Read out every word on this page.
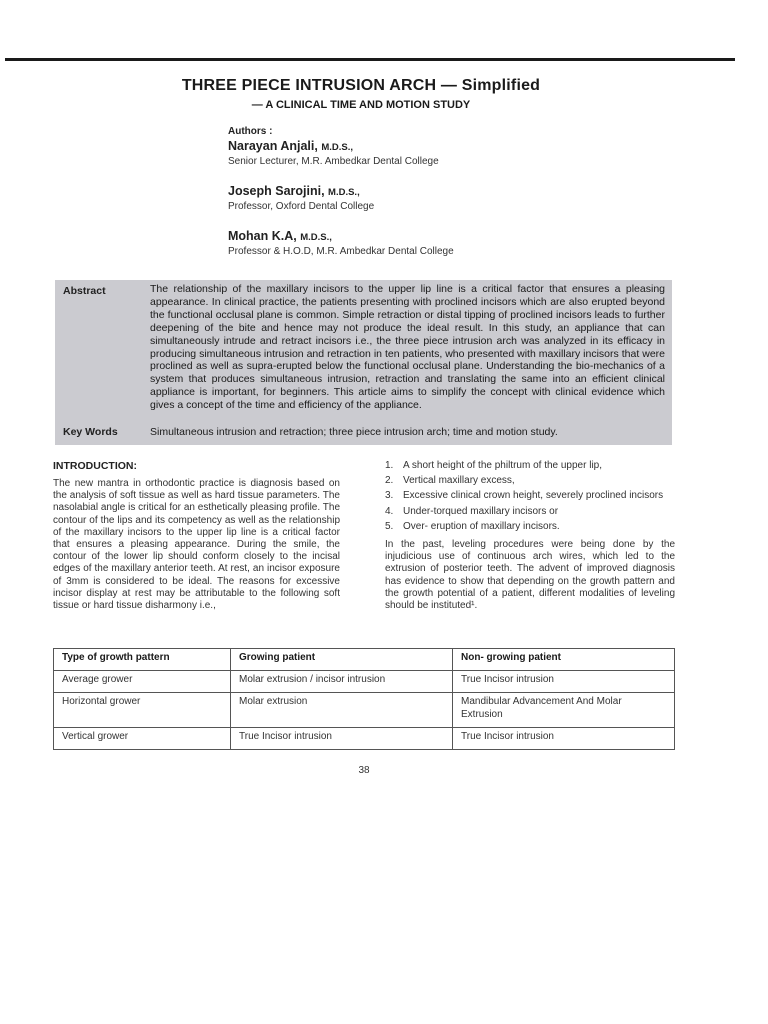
THREE PIECE INTRUSION ARCH — Simplified
— A CLINICAL TIME AND MOTION STUDY
Authors :
Narayan Anjali, M.D.S.,
Senior Lecturer, M.R. Ambedkar Dental College
Joseph Sarojini, M.D.S.,
Professor, Oxford Dental College
Mohan K.A, M.D.S.,
Professor & H.O.D, M.R. Ambedkar Dental College
Abstract	The relationship of the maxillary incisors to the upper lip line is a critical factor that ensures a pleasing appearance. In clinical practice, the patients presenting with proclined incisors which are also erupted beyond the functional occlusal plane is common. Simple retraction or distal tipping of proclined incisors leads to further deepening of the bite and hence may not produce the ideal result. In this study, an appliance that can simultaneously intrude and retract incisors i.e., the three piece intrusion arch was analyzed in its efficacy in producing simultaneous intrusion and retraction in ten patients, who presented with maxillary incisors that were proclined as well as supra-erupted below the functional occlusal plane. Understanding the bio-mechanics of a system that produces simultaneous intrusion, retraction and translating the same into an efficient clinical appliance is important, for beginners. This article aims to simplify the concept with clinical evidence which gives a concept of the time and efficiency of the appliance.
Key Words	Simultaneous intrusion and retraction; three piece intrusion arch; time and motion study.
INTRODUCTION:
The new mantra in orthodontic practice is diagnosis based on the analysis of soft tissue as well as hard tissue parameters. The nasolabial angle is critical for an esthetically pleasing profile. The contour of the lips and its competency as well as the relationship of the maxillary incisors to the upper lip line is a critical factor that ensures a pleasing appearance. During the smile, the contour of the lower lip should conform closely to the incisal edges of the maxillary anterior teeth. At rest, an incisor exposure of 3mm is considered to be ideal. The reasons for excessive incisor display at rest may be attributable to the following soft tissue or hard tissue disharmony i.e.,
1. A short height of the philtrum of the upper lip,
2. Vertical maxillary excess,
3. Excessive clinical crown height, severely proclined incisors
4. Under-torqued maxillary incisors or
5. Over- eruption of maxillary incisors.

In the past, leveling procedures were being done by the injudicious use of continuous arch wires, which led to the extrusion of posterior teeth. The advent of improved diagnosis has evidence to show that depending on the growth pattern and the growth potential of a patient, different modalities of leveling should be instituted¹.

Type of growth pattern	Growing patient	Non- growing patient
Average grower	Molar extrusion / incisor intrusion	True Incisor intrusion
Horizontal grower	Molar extrusion	Mandibular Advancement And Molar Extrusion
Vertical grower	True Incisor intrusion	True Incisor intrusion
38
